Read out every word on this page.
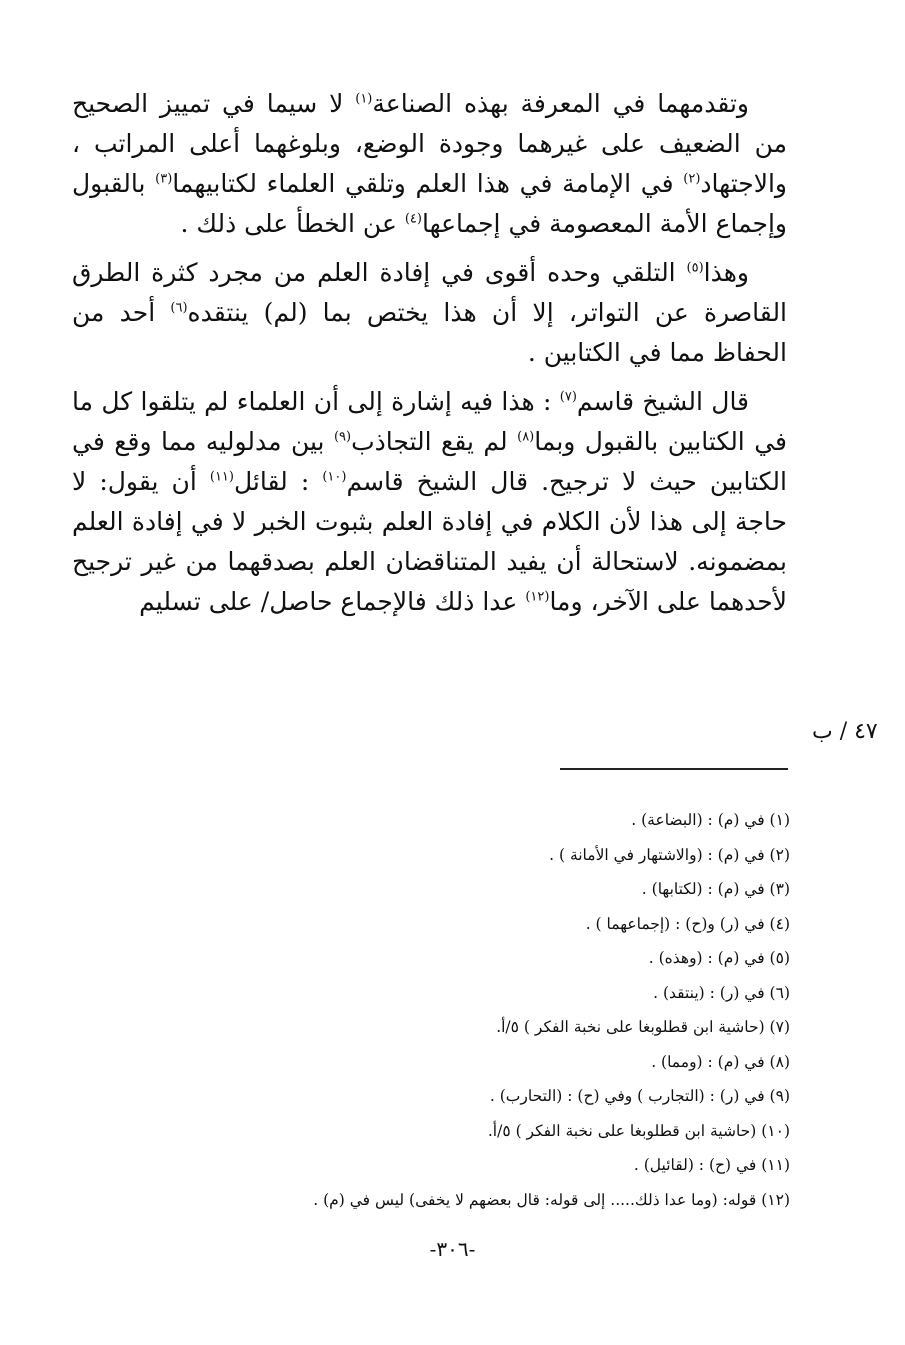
وتقدمهما في المعرفة بهذه الصناعة$^{(١)}$ لا سيما في تمييز الصحيح من الضعيف على غيرهما وجودة الوضع، وبلوغهما أعلى المراتب ، والاجتهاد$^{(٢)}$ في الإمامة في هذا العلم وتلقي العلماء لكتابيهما$^{(٣)}$ بالقبول وإجماع الأمة المعصومة في إجماعها$^{(٤)}$ عن الخطأ على ذلك .

وهذا$^{(٥)}$ التلقي وحده أقوى في إفادة العلم من مجرد كثرة الطرق القاصرة عن التواتر، إلا أن هذا يختص بما (لم) ينتقده$^{(٦)}$ أحد من الحفاظ مما في الكتابين .

قال الشيخ قاسم$^{(٧)}$ : هذا فيه إشارة إلى أن العلماء لم يتلقوا كل ما في الكتابين بالقبول وبما$^{(٨)}$ لم يقع التجاذب$^{(٩)}$ بين مدلوليه مما وقع في الكتابين حيث لا ترجيح. قال الشيخ قاسم$^{(١٠)}$ : لقائل$^{(١١)}$ أن يقول: لا حاجة إلى هذا لأن الكلام في إفادة العلم بثبوت الخبر لا في إفادة العلم بمضمونه. لاستحالة أن يفيد المتناقضان العلم بصدقهما من غير ترجيح لأحدهما على الآخر، وما$^{(١٢)}$ عدا ذلك فالإجماع حاصل/ على تسليم

٤٧ / ب
(١) في (م) : (البضاعة) .
(٢) في (م) : (والاشتهار في الأمانة ) .
(٣) في (م) : (لكتابها) .
(٤) في (ر) و(ح) : (إجماعهما ) .
(٥) في (م) : (وهذه) .
(٦) في (ر) : (ينتقد) .
(٧) (حاشية ابن قطلوبغا على نخبة الفكر ) ٥/أ.
(٨) في (م) : (ومما) .
(٩) في (ر) : (التجارب ) وفي (ح) : (التحارب) .
(١٠) (حاشية ابن قطلوبغا على نخبة الفكر ) ٥/أ.
(١١) في (ح) : (لقائيل) .
(١٢) قوله: (وما عدا ذلك..... إلى قوله: قال بعضهم لا يخفى) ليس في (م) .
-٣٠٦-
